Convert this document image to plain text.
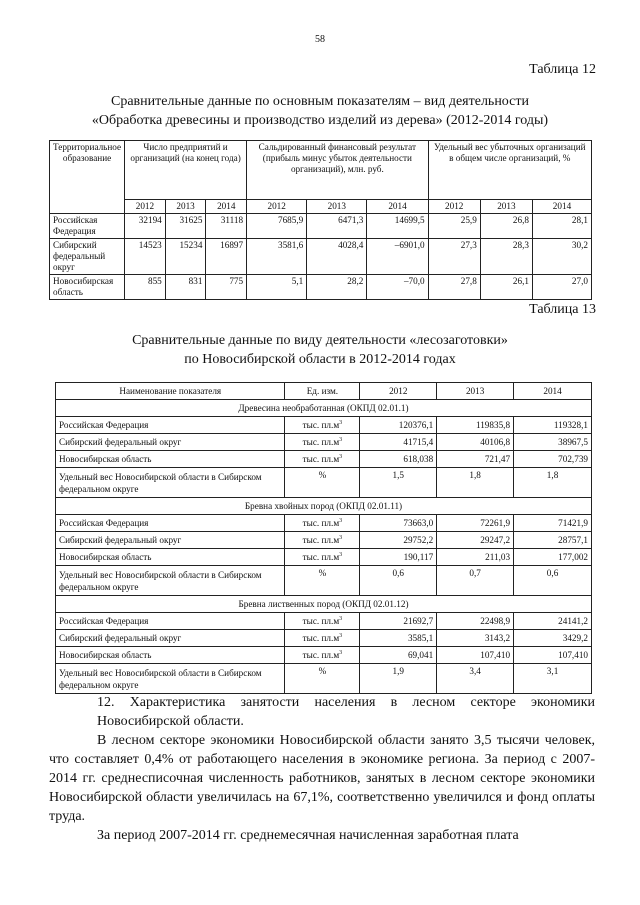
58
Таблица 12
Сравнительные данные по основным показателям – вид деятельности
«Обработка древесины и производство изделий из дерева» (2012-2014 годы)
Территориальное образование	Число предприятий и организаций (на конец года)			Сальдированный финансовый результат (прибыль минус убыток деятельности организаций), млн. руб.			Удельный вес убыточных организаций в общем числе организаций, %		
	2012	2013	2014	2012	2013	2014	2012	2013	2014
Российская Федерация	32194	31625	31118	7685,9	6471,3	14699,5	25,9	26,8	28,1
Сибирский федеральный округ	14523	15234	16897	3581,6	4028,4	–6901,0	27,3	28,3	30,2
Новосибирская область	855	831	775	5,1	28,2	–70,0	27,8	26,1	27,0
Таблица 13
Сравнительные данные по виду деятельности «лесозаготовки»
по Новосибирской области в 2012-2014 годах
Наименование показателя	Ед. изм.	2012	2013	2014
Древесина необработанная (ОКПД 02.01.1)				
Российская Федерация	тыс. $пл.м^3$	120376,1	119835,8	119328,1
Сибирский федеральный округ	тыс. $пл.м^3$	41715,4	40106,8	38967,5
Новосибирская область	тыс. $пл.м^3$	618,038	721,47	702,739
Удельный вес Новосибирской области в Сибирском федеральном округе	%	1,5	1,8	1,8
Бревна хвойных пород (ОКПД 02.01.11)				
Российская Федерация	тыс. $пл.м^3$	73663,0	72261,9	71421,9
Сибирский федеральный округ	тыс. $пл.м^3$	29752,2	29247,2	28757,1
Новосибирская область	тыс. $пл.м^3$	190,117	211,03	177,002
Удельный вес Новосибирской области в Сибирском федеральном округе	%	0,6	0,7	0,6
Бревна лиственных пород (ОКПД 02.01.12)				
Российская Федерация	тыс. $пл.м^3$	21692,7	22498,9	24141,2
Сибирский федеральный округ	тыс. $пл.м^3$	3585,1	3143,2	3429,2
Новосибирская область	тыс. $пл.м^3$	69,041	107,410	107,410
Удельный вес Новосибирской области в Сибирском федеральном округе	%	1,9	3,4	3,1
12. Характеристика занятости населения в лесном секторе экономики Новосибирской области.
В лесном секторе экономики Новосибирской области занято 3,5 тысячи человек, что составляет 0,4% от работающего населения в экономике региона. За период с 2007-2014 гг. среднесписочная численность работников, занятых в лесном секторе экономики Новосибирской области увеличилась на 67,1%, соответственно увеличился и фонд оплаты труда.
За период 2007-2014 гг. среднемесячная начисленная заработная плата
